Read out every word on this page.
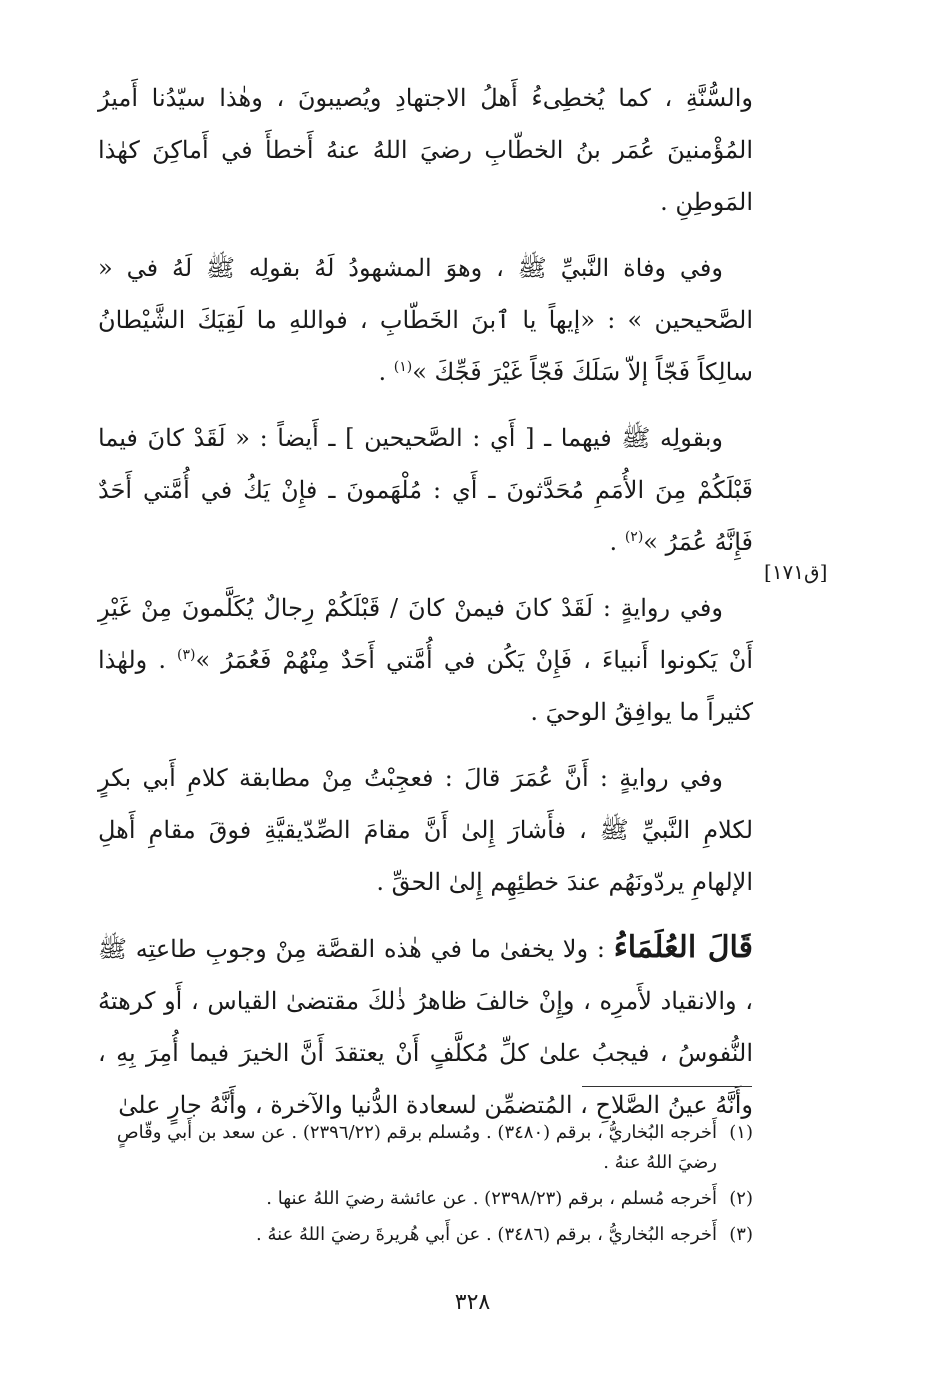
والسُّنَّةِ ، كما يُخطِىءُ أَهلُ الاجتهادِ ويُصيبونَ ، وهٰذا سيّدُنا أَميرُ المُؤْمنينَ عُمَر بنُ الخطّابِ رضيَ اللهُ عنهُ أَخطأَ في أَماكِنَ كهٰذا المَوطِنِ .

وفي وفاة النَّبيِّ ﷺ ، وهوَ المشهودُ لَهُ بقولِه ﷺ لَهُ في « الصَّحيحين » : «إيهاً يا ٱبنَ الخَطّابِ ، فواللهِ ما لَقِيَكَ الشَّيْطانُ سالِكاً فَجّاً إلاّ سَلَكَ فَجّاً غَيْرَ فَجِّكَ »$^{(١)}$ .

وبقولِه ﷺ فيهما ـ [ أَي : الصَّحيحين ] ـ أَيضاً : « لَقَدْ كانَ فيما قَبْلَكُمْ مِنَ الأُمَمِ مُحَدَّثونَ ـ أَي : مُلْهَمونَ ـ فإِنْ يَكُ في أُمَّتي أَحَدٌ فَإِنَّهُ عُمَرُ »$^{(٢)}$ .

وفي روايةٍ : لَقَدْ كانَ فيمنْ كانَ / قَبْلَكُمْ رِجالٌ يُكَلَّمونَ مِنْ غَيْرِ أَنْ يَكونوا أَنبياءَ ، فَإِنْ يَكُن في أُمَّتي أَحَدٌ مِنْهُمْ فَعُمَرُ »$^{(٣)}$ . ولهٰذا كثيراً ما يوافِقُ الوحيَ .

وفي روايةٍ : أَنَّ عُمَرَ قالَ : فعجِبْتُ مِنْ مطابقة كلامِ أَبي بكرٍ لكلامِ النَّبيِّ ﷺ ، فأَشارَ إِلىٰ أَنَّ مقامَ الصِّدّيقيَّةِ فوقَ مقامِ أَهلِ الإلهامِ يردّونَهُم عندَ خطئِهِم إِلىٰ الحقِّ .

قَالَ العُلَمَاءُ : ولا يخفىٰ ما في هٰذه القصَّة مِنْ وجوبِ طاعتِه ﷺ ، والانقياد لأَمرِه ، وإِنْ خالفَ ظاهرُ ذٰلكَ مقتضىٰ القياس ، أَو كرهتهُ النُّفوسُ ، فيجبُ علىٰ كلِّ مُكلَّفٍ أَنْ يعتقدَ أَنَّ الخيرَ فيما أُمِرَ بِهِ ، وأَنَّهُ عينُ الصَّلاحِ ، المُتضمِّن لسعادة الدُّنيا والآخرة ، وأَنَّهُ جارٍ علىٰ

[ق١٧١]
(١)
أَخرجه البُخاريُّ ، برقم (٣٤٨٠) . ومُسلم برقم (٢٣٩٦/٢٢) . عن سعد بن أَبي وقّاصٍ رضيَ اللهُ عنهُ .
(٢)
أَخرجه مُسلم ، برقم (٢٣٩٨/٢٣) . عن عائشة رضيَ اللهُ عنها .
(٣)
أَخرجه البُخاريُّ ، برقم (٣٤٨٦) . عن أَبي هُريرةَ رضيَ اللهُ عنهُ .
٣٢٨
